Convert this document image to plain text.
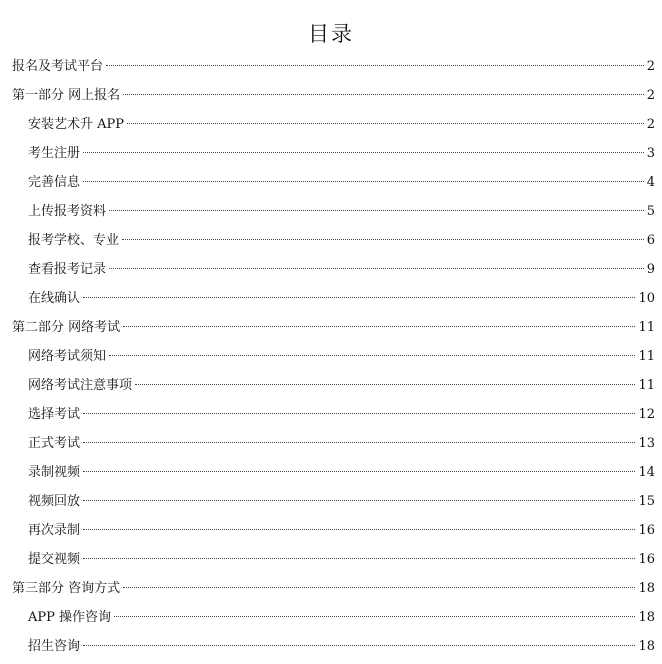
目录
报名及考试平台	2
第一部分 网上报名	2
安装艺术升 APP	2
考生注册	3
完善信息	4
上传报考资料	5
报考学校、专业	6
查看报考记录	9
在线确认	10
第二部分 网络考试	11
网络考试须知	11
网络考试注意事项	11
选择考试	12
正式考试	13
录制视频	14
视频回放	15
再次录制	16
提交视频	16
第三部分 咨询方式	18
APP 操作咨询	18
招生咨询	18
